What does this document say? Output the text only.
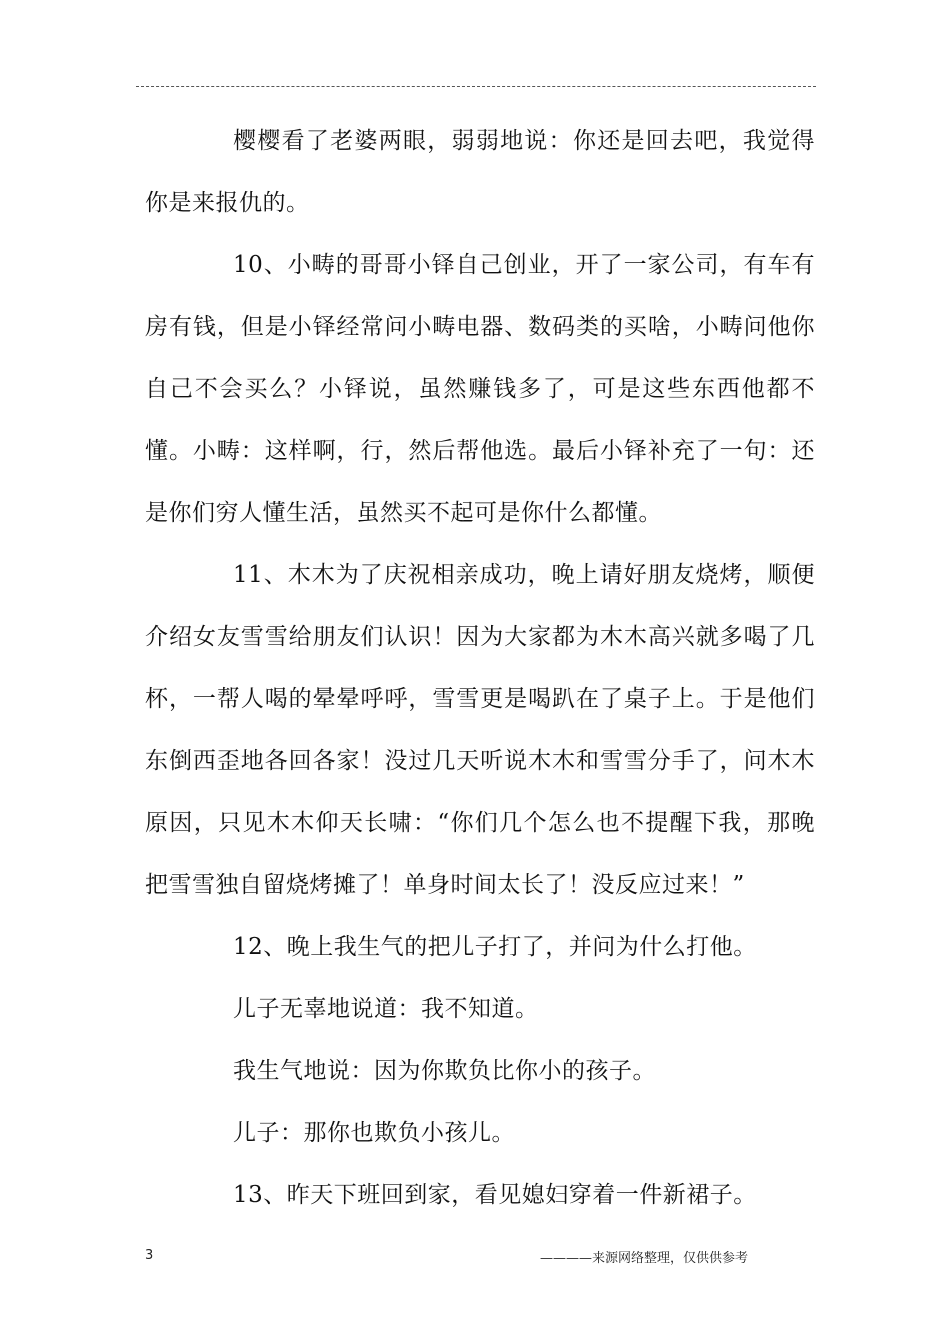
樱樱看了老婆两眼，弱弱地说：你还是回去吧，我觉得你是来报仇的。

10、小畴的哥哥小铎自己创业，开了一家公司，有车有房有钱，但是小铎经常问小畴电器、数码类的买啥，小畴问他你自己不会买么？小铎说，虽然赚钱多了，可是这些东西他都不懂。小畴：这样啊，行，然后帮他选。最后小铎补充了一句：还是你们穷人懂生活，虽然买不起可是你什么都懂。

11、木木为了庆祝相亲成功，晚上请好朋友烧烤，顺便介绍女友雪雪给朋友们认识！因为大家都为木木高兴就多喝了几杯，一帮人喝的晕晕呼呼，雪雪更是喝趴在了桌子上。于是他们东倒西歪地各回各家！没过几天听说木木和雪雪分手了，问木木原因，只见木木仰天长啸：“你们几个怎么也不提醒下我，那晚把雪雪独自留烧烤摊了！单身时间太长了！没反应过来！”

12、晚上我生气的把儿子打了，并问为什么打他。

儿子无辜地说道：我不知道。

我生气地说：因为你欺负比你小的孩子。

儿子：那你也欺负小孩儿。

13、昨天下班回到家，看见媳妇穿着一件新裙子。

3	————来源网络整理，仅供供参考
